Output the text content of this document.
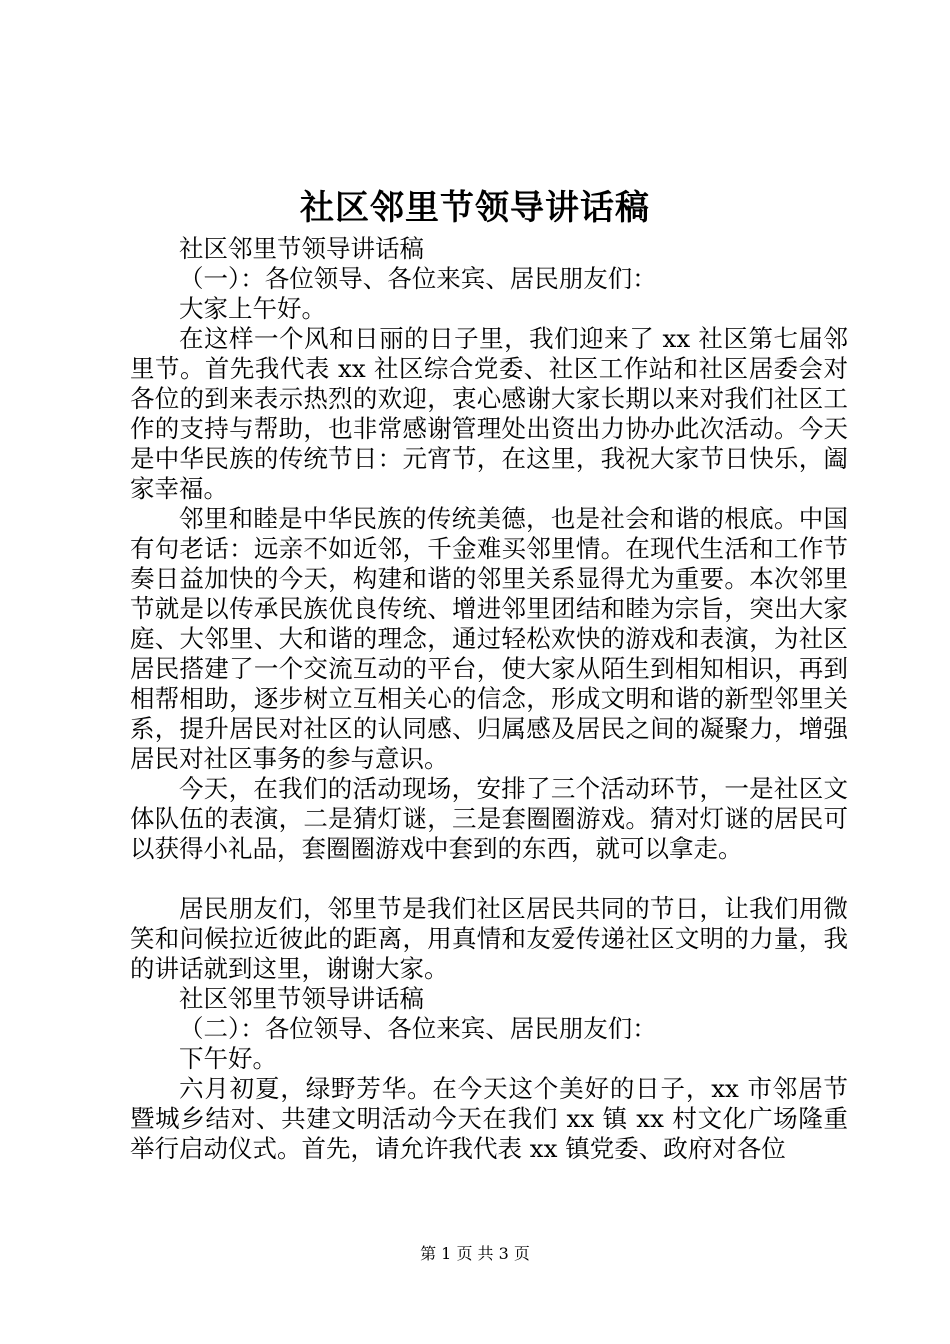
社区邻里节领导讲话稿

社区邻里节领导讲话稿

（一）：各位领导、各位来宾、居民朋友们：

大家上午好。

在这样一个风和日丽的日子里，我们迎来了 xx 社区第七届邻里节。首先我代表 xx 社区综合党委、社区工作站和社区居委会对各位的到来表示热烈的欢迎，衷心感谢大家长期以来对我们社区工作的支持与帮助，也非常感谢管理处出资出力协办此次活动。今天是中华民族的传统节日：元宵节，在这里，我祝大家节日快乐，阖家幸福。

邻里和睦是中华民族的传统美德，也是社会和谐的根底。中国有句老话：远亲不如近邻，千金难买邻里情。在现代生活和工作节奏日益加快的今天，构建和谐的邻里关系显得尤为重要。本次邻里节就是以传承民族优良传统、增进邻里团结和睦为宗旨，突出大家庭、大邻里、大和谐的理念，通过轻松欢快的游戏和表演，为社区居民搭建了一个交流互动的平台，使大家从陌生到相知相识，再到相帮相助，逐步树立互相关心的信念，形成文明和谐的新型邻里关系，提升居民对社区的认同感、归属感及居民之间的凝聚力，增强居民对社区事务的参与意识。

今天，在我们的活动现场，安排了三个活动环节，一是社区文体队伍的表演，二是猜灯谜，三是套圈圈游戏。猜对灯谜的居民可以获得小礼品，套圈圈游戏中套到的东西，就可以拿走。

居民朋友们，邻里节是我们社区居民共同的节日，让我们用微笑和问候拉近彼此的距离，用真情和友爱传递社区文明的力量，我的讲话就到这里，谢谢大家。

社区邻里节领导讲话稿

（二）：各位领导、各位来宾、居民朋友们：

下午好。

六月初夏，绿野芳华。在今天这个美好的日子，xx 市邻居节暨城乡结对、共建文明活动今天在我们 xx 镇 xx 村文化广场隆重举行启动仪式。首先，请允许我代表 xx 镇党委、政府对各位

第 1 页 共 3 页
